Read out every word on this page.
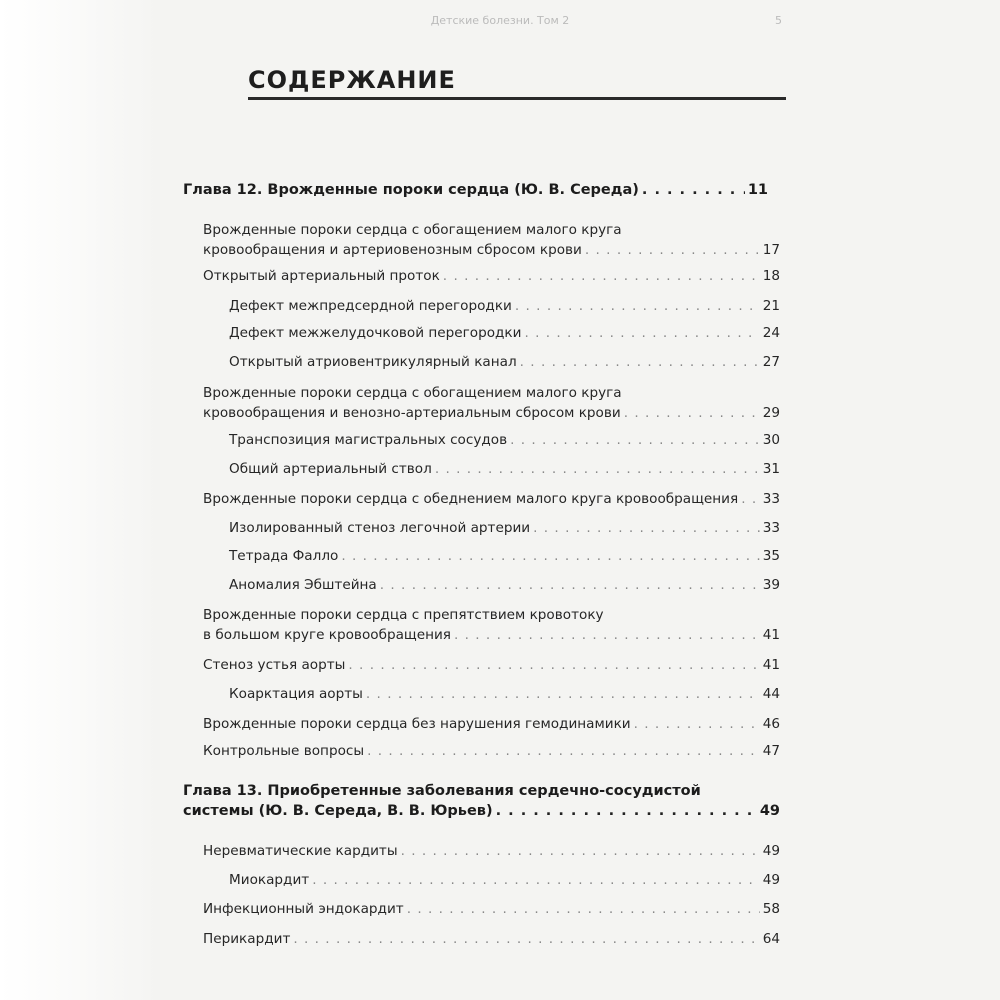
Детские болезни. Том 2	5
СОДЕРЖАНИЕ
Глава 12. Врожденные пороки сердца (Ю. В. Середа) . . .	11
Врожденные пороки сердца с обогащением малого круга
кровообращения и артериовенозным сбросом крови . . .	17
Открытый артериальный проток . . .	18
Дефект межпредсердной перегородки . . .	21
Дефект межжелудочковой перегородки . . .	24
Открытый атриовентрикулярный канал . . .	27
Врожденные пороки сердца с обогащением малого круга
кровообращения и венозно-артериальным сбросом крови . . .	29
Транспозиция магистральных сосудов . . .	30
Общий артериальный ствол . . .	31
Врожденные пороки сердца с обеднением малого круга кровообращения . . . 33
Изолированный стеноз легочной артерии . . .	33
Тетрада Фалло . . .	35
Аномалия Эбштейна . . .	39
Врожденные пороки сердца с препятствием кровотоку
в большом круге кровообращения . . .	41
Стеноз устья аорты . . .	41
Коарктация аорты . . .	44
Врожденные пороки сердца без нарушения гемодинамики . . .	46
Контрольные вопросы . . .	47
Глава 13. Приобретенные заболевания сердечно-сосудистой
системы (Ю. В. Середа, В. В. Юрьев) . . .	49
Неревматические кардиты . . .	49
Миокардит . . .	49
Инфекционный эндокардит . . .	58
Перикардит . . .	64
